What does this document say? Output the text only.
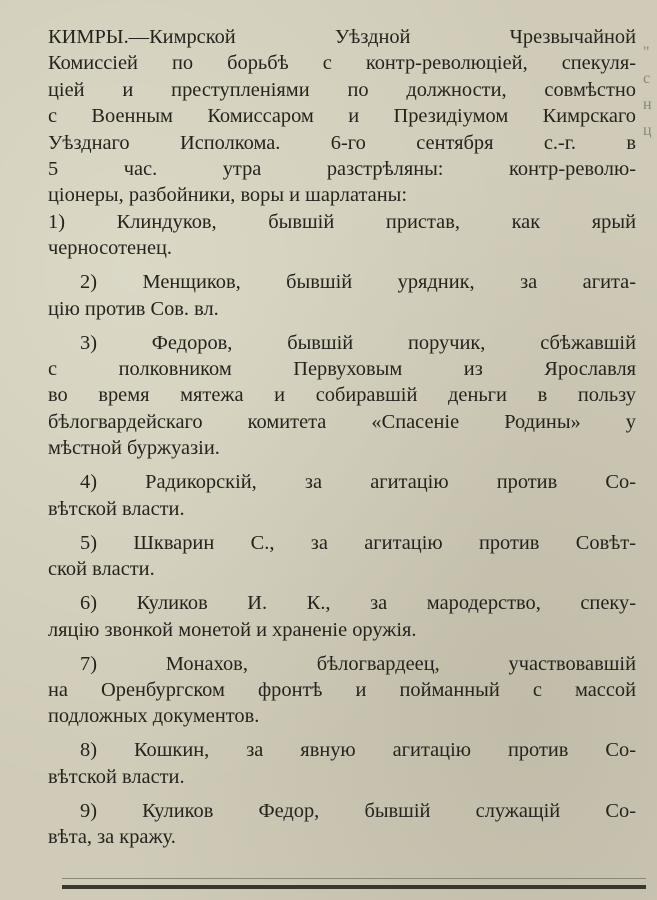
КИМРЫ.—Кимрской Уѣздной Чрезвычайной
Комиссiей по борьбѣ с контр-революцiей, спекуля-
цiей и преступленiями по должности, совмѣстно
с Военным Комиссаром и Президiумом Кимрскаго
Уѣзднаго Исполкома. 6-го сентября с.-г. в
5 час. утра разстрѣляны: контр-револю-
цiонеры, разбойники, воры и шарлатаны:

1) Клиндуков, бывшiй пристав, как ярый
черносотенец.

2) Менщиков, бывшiй урядник, за агита-
цiю против Сов. вл.

3) Федоров, бывшiй поручик, сбѣжавшiй
с полковником Первуховым из Ярославля
во время мятежа и собиравшiй деньги в пользу
бѣлогвардейскаго комитета «Спасенiе Родины» у
мѣстной буржуазiи.

4) Радикорскiй, за агитацiю против Со-
вѣтской власти.

5) Шкварин С., за агитацiю против Совѣт-
ской власти.

6) Куликов И. К., за мародерство, спеку-
ляцiю звонкой монетой и храненiе оружiя.

7) Монахов, бѣлогвардеец, участвовавшiй
на Оренбургском фронтѣ и пойманный с массой
подложных документов.

8) Кошкин, за явную агитацiю против Со-
вѣтской власти.

9) Куликов Федор, бывшiй служащiй Со-
вѣта, за кражу.

"
с
н
ц
